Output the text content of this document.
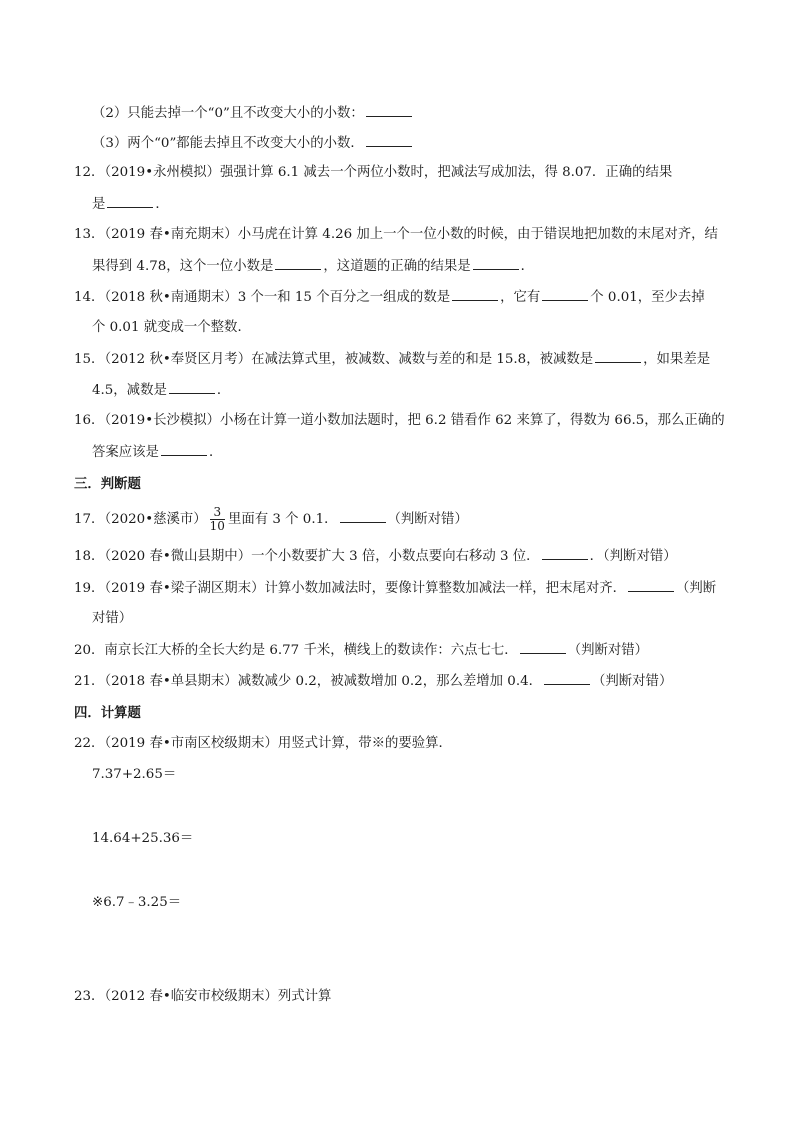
（2）只能去掉一个“0”且不改变大小的小数：
（3）两个“0”都能去掉且不改变大小的小数．
12．（2019•永州模拟）强强计算 6.1 减去一个两位小数时，把减法写成加法，得 8.07．正确的结果
是	．
13．（2019 春•南充期末）小马虎在计算 4.26 加上一个一位小数的时候，由于错误地把加数的末尾对齐，结
果得到 4.78，这个一位小数是	，这道题的正确的结果是	．
14．（2018 秋•南通期末）3 个一和 15 个百分之一组成的数是	，它有	个 0.01，至少去掉
个 0.01 就变成一个整数．
15．（2012 秋•奉贤区月考）在减法算式里，被减数、减数与差的和是 15.8，被减数是	，如果差是
4.5，减数是	．
16．（2019•长沙模拟）小杨在计算一道小数加法题时，把 6.2 错看作 62 来算了，得数为 66.5，那么正确的
答案应该是	．
三．判断题
17．（2020•慈溪市） $\frac{3}{10}$ 里面有 3 个 0.1．	（判断对错）
18．（2020 春•微山县期中）一个小数要扩大 3 倍，小数点要向右移动 3 位．	．（判断对错）
19．（2019 春•梁子湖区期末）计算小数加减法时，要像计算整数加减法一样，把末尾对齐．	（判断
对错）
20．南京长江大桥的全长大约是 6.77 千米，横线上的数读作：六点七七．	（判断对错）
21．（2018 春•单县期末）减数减少 0.2，被减数增加 0.2，那么差增加 0.4．	（判断对错）
四．计算题
22．（2019 春•市南区校级期末）用竖式计算，带※的要验算．
7.37+2.65＝
14.64+25.36＝
※6.7﹣3.25＝
23．（2012 春•临安市校级期末）列式计算
